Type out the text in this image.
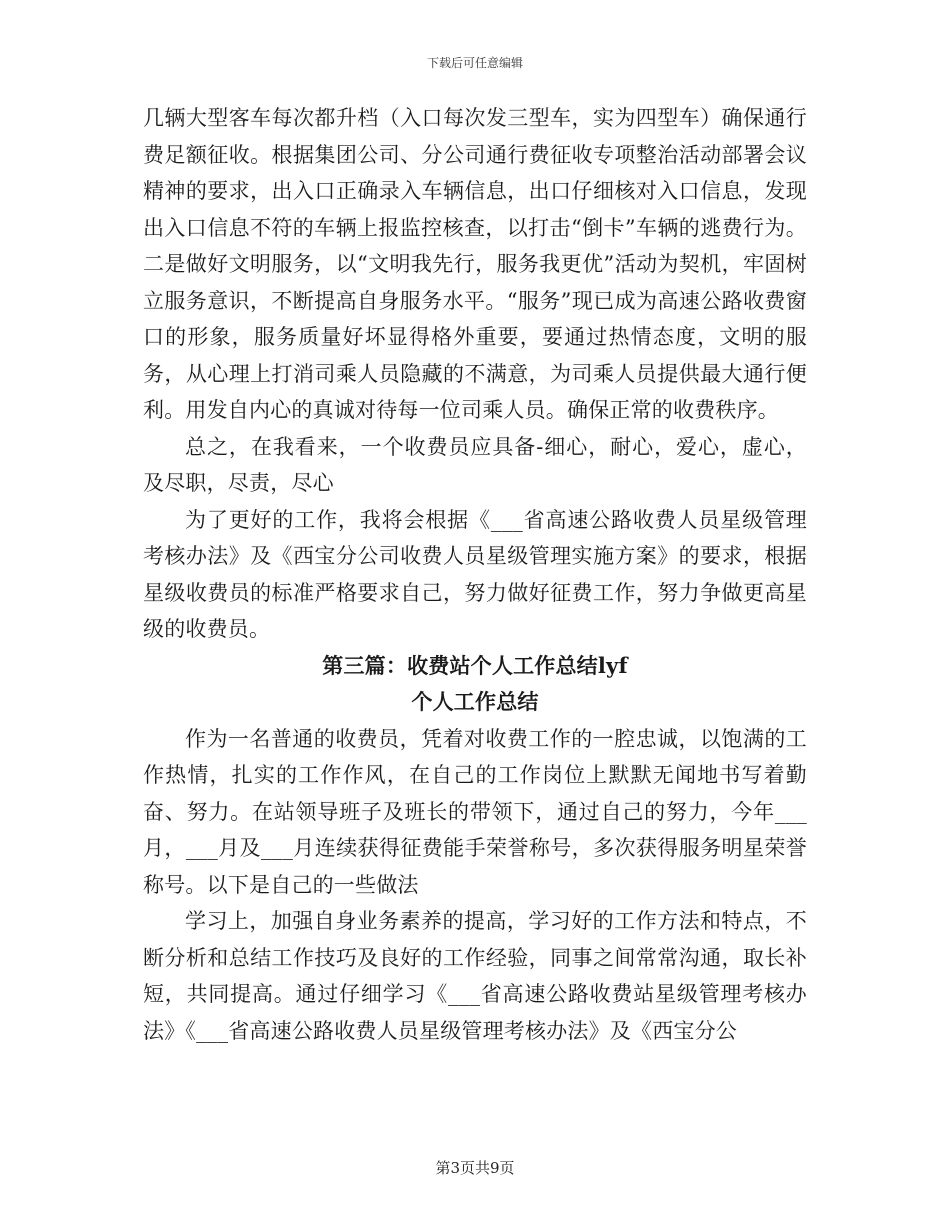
下载后可任意编辑

几辆大型客车每次都升档（入口每次发三型车，实为四型车）确保通行费足额征收。根据集团公司、分公司通行费征收专项整治活动部署会议精神的要求，出入口正确录入车辆信息，出口仔细核对入口信息，发现出入口信息不符的车辆上报监控核查，以打击“倒卡”车辆的逃费行为。二是做好文明服务，以“文明我先行，服务我更优”活动为契机，牢固树立服务意识，不断提高自身服务水平。“服务”现已成为高速公路收费窗口的形象，服务质量好坏显得格外重要，要通过热情态度，文明的服务，从心理上打消司乘人员隐藏的不满意，为司乘人员提供最大通行便利。用发自内心的真诚对待每一位司乘人员。确保正常的收费秩序。

总之，在我看来，一个收费员应具备-细心，耐心，爱心，虚心，及尽职，尽责，尽心

为了更好的工作，我将会根据《___省高速公路收费人员星级管理考核办法》及《西宝分公司收费人员星级管理实施方案》的要求，根据星级收费员的标准严格要求自己，努力做好征费工作，努力争做更高星级的收费员。

第三篇：收费站个人工作总结lyf
个人工作总结

作为一名普通的收费员，凭着对收费工作的一腔忠诚，以饱满的工作热情，扎实的工作作风，在自己的工作岗位上默默无闻地书写着勤奋、努力。在站领导班子及班长的带领下，通过自己的努力，今年___月，___月及___月连续获得征费能手荣誉称号，多次获得服务明星荣誉称号。以下是自己的一些做法

学习上，加强自身业务素养的提高，学习好的工作方法和特点，不断分析和总结工作技巧及良好的工作经验，同事之间常常沟通，取长补短，共同提高。通过仔细学习《___省高速公路收费站星级管理考核办法》《___省高速公路收费人员星级管理考核办法》及《西宝分公

第3页共9页
